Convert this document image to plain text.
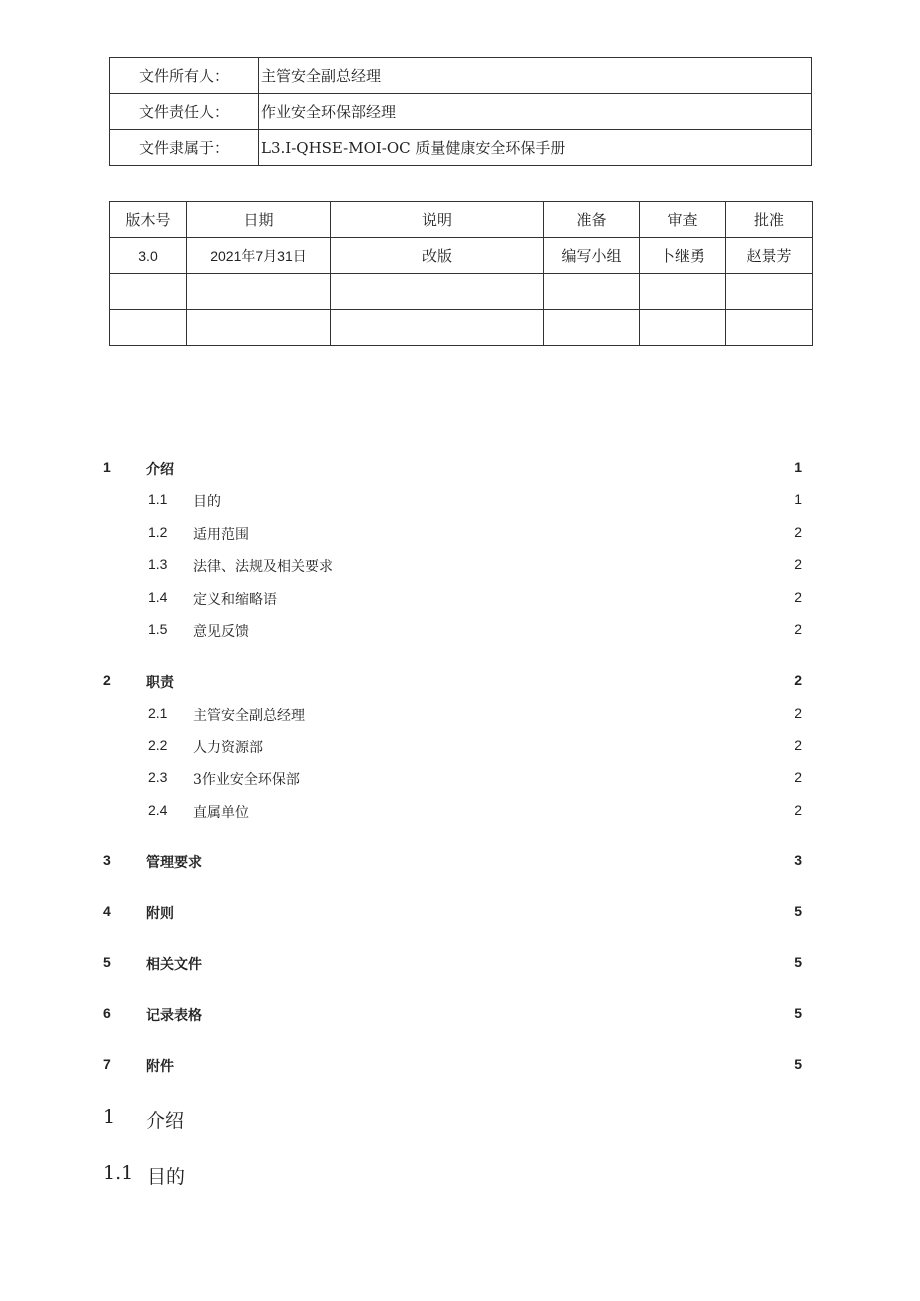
文件所有人：	主管安全副总经理
文件责任人：	作业安全环保部经理
文件隶属于：	L3.I-QHSE-MOI-OC 质量健康安全环保手册
版木号	日期	说明	准备	审查	批准
3.0	2021年7月31日	改版	编写小组	卜继勇	赵景芳

1	介绍	1
1.1 目的	1
1.2 适用范围	2
1.3 法律、法规及相关要求	2
1.4 定义和缩略语	2
1.5 意见反馈	2
2	职责	2
2.1 主管安全副总经理	2
2.2 人力资源部	2
2.3 3作业安全环保部	2
2.4 直属单位	2
3	管理要求	3
4	附则	5
5	相关文件	5
6	记录表格	5
7	附件	5
1 介绍
1.1 目的
